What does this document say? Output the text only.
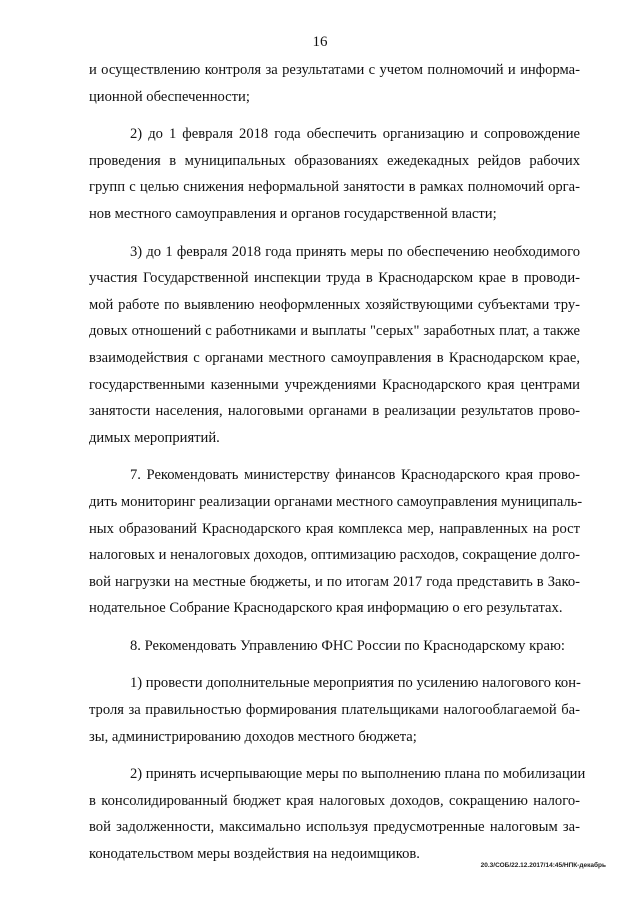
16
и осуществлению контроля за результатами с учетом полномочий и информа-
ционной обеспеченности;
2) до 1 февраля 2018 года обеспечить организацию и сопровождение
проведения в муниципальных образованиях ежедекадных рейдов рабочих
групп с целью снижения неформальной занятости в рамках полномочий орга-
нов местного самоуправления и органов государственной власти;
3) до 1 февраля 2018 года принять меры по обеспечению необходимого
участия Государственной инспекции труда в Краснодарском крае в проводи-
мой работе по выявлению неоформленных хозяйствующими субъектами тру-
довых отношений с работниками и выплаты "серых" заработных плат, а также
взаимодействия с органами местного самоуправления в Краснодарском крае,
государственными казенными учреждениями Краснодарского края центрами
занятости населения, налоговыми органами в реализации результатов прово-
димых мероприятий.
7. Рекомендовать министерству финансов Краснодарского края прово-
дить мониторинг реализации органами местного самоуправления муниципаль-
ных образований Краснодарского края комплекса мер, направленных на рост
налоговых и неналоговых доходов, оптимизацию расходов, сокращение долго-
вой нагрузки на местные бюджеты, и по итогам 2017 года представить в Зако-
нодательное Собрание Краснодарского края информацию о его результатах.
8. Рекомендовать Управлению ФНС России по Краснодарскому краю:
1) провести дополнительные мероприятия по усилению налогового кон-
троля за правильностью формирования плательщиками налогооблагаемой ба-
зы, администрированию доходов местного бюджета;
2) принять исчерпывающие меры по выполнению плана по мобилизации
в консолидированный бюджет края налоговых доходов, сокращению налого-
вой задолженности, максимально используя предусмотренные налоговым за-
конодательством меры воздействия на недоимщиков.
20.3/СОБ/22.12.2017/14:45/НПК-декабрь
